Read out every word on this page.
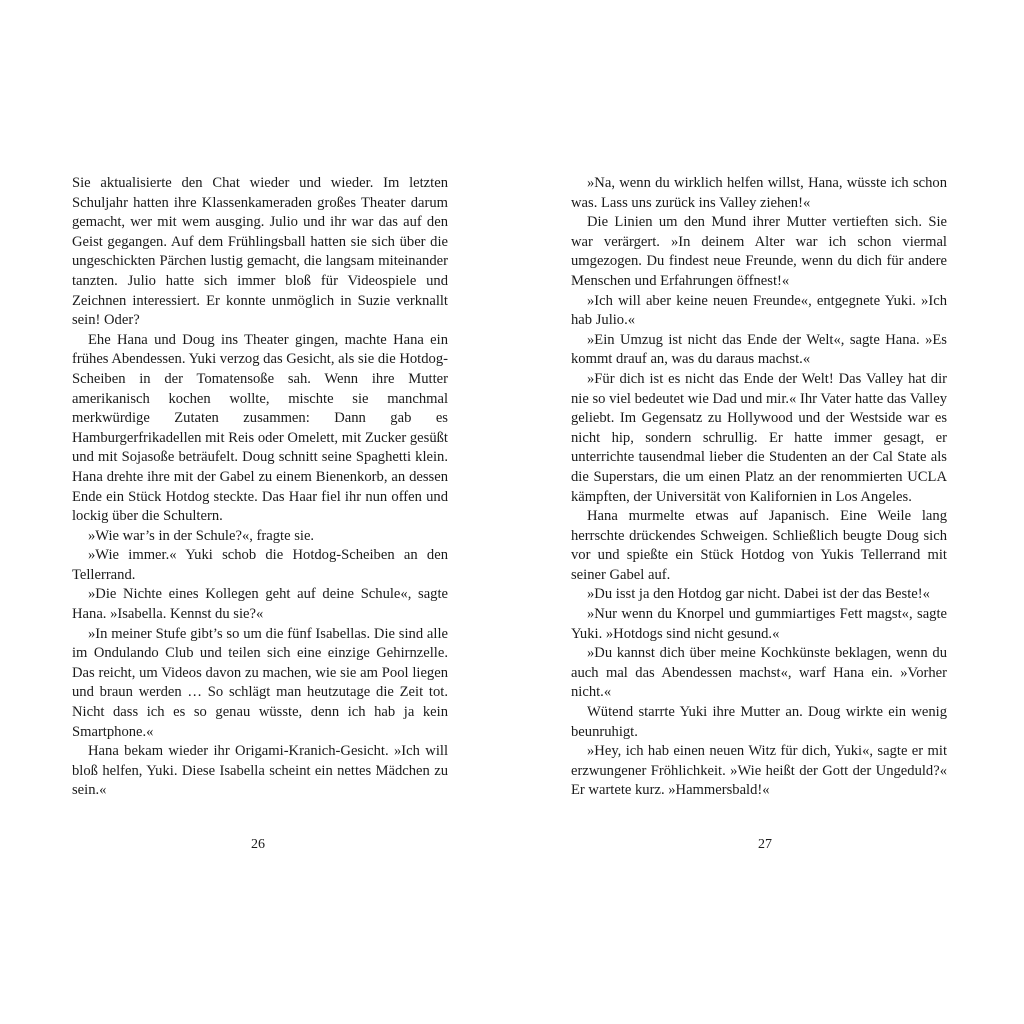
Sie aktualisierte den Chat wieder und wieder. Im letzten Schuljahr hatten ihre Klassenkameraden großes Theater darum gemacht, wer mit wem ausging. Julio und ihr war das auf den Geist gegangen. Auf dem Frühlingsball hatten sie sich über die ungeschickten Pärchen lustig gemacht, die langsam miteinander tanzten. Julio hatte sich immer bloß für Videospiele und Zeichnen interessiert. Er konnte unmöglich in Suzie verknallt sein! Oder?

Ehe Hana und Doug ins Theater gingen, machte Hana ein frühes Abendessen. Yuki verzog das Gesicht, als sie die Hotdog-Scheiben in der Tomatensoße sah. Wenn ihre Mutter amerikanisch kochen wollte, mischte sie manchmal merkwürdige Zutaten zusammen: Dann gab es Hamburgerfrikadellen mit Reis oder Omelett, mit Zucker gesüßt und mit Sojasoße beträufelt. Doug schnitt seine Spaghetti klein. Hana drehte ihre mit der Gabel zu einem Bienenkorb, an dessen Ende ein Stück Hotdog steckte. Das Haar fiel ihr nun offen und lockig über die Schultern.

»Wie war’s in der Schule?«, fragte sie.

»Wie immer.« Yuki schob die Hotdog-Scheiben an den Tellerrand.

»Die Nichte eines Kollegen geht auf deine Schule«, sagte Hana. »Isabella. Kennst du sie?«

»In meiner Stufe gibt’s so um die fünf Isabellas. Die sind alle im Ondulando Club und teilen sich eine einzige Gehirnzelle. Das reicht, um Videos davon zu machen, wie sie am Pool liegen und braun werden … So schlägt man heutzutage die Zeit tot. Nicht dass ich es so genau wüsste, denn ich hab ja kein Smartphone.«

Hana bekam wieder ihr Origami-Kranich-Gesicht. »Ich will bloß helfen, Yuki. Diese Isabella scheint ein nettes Mädchen zu sein.«

»Na, wenn du wirklich helfen willst, Hana, wüsste ich schon was. Lass uns zurück ins Valley ziehen!«

Die Linien um den Mund ihrer Mutter vertieften sich. Sie war verärgert. »In deinem Alter war ich schon viermal umgezogen. Du findest neue Freunde, wenn du dich für andere Menschen und Erfahrungen öffnest!«

»Ich will aber keine neuen Freunde«, entgegnete Yuki. »Ich hab Julio.«

»Ein Umzug ist nicht das Ende der Welt«, sagte Hana. »Es kommt drauf an, was du daraus machst.«

»Für dich ist es nicht das Ende der Welt! Das Valley hat dir nie so viel bedeutet wie Dad und mir.« Ihr Vater hatte das Valley geliebt. Im Gegensatz zu Hollywood und der Westside war es nicht hip, sondern schrullig. Er hatte immer gesagt, er unterrichte tausendmal lieber die Studenten an der Cal State als die Superstars, die um einen Platz an der renommierten UCLA kämpften, der Universität von Kalifornien in Los Angeles.

Hana murmelte etwas auf Japanisch. Eine Weile lang herrschte drückendes Schweigen. Schließlich beugte Doug sich vor und spießte ein Stück Hotdog von Yukis Tellerrand mit seiner Gabel auf.

»Du isst ja den Hotdog gar nicht. Dabei ist der das Beste!«

»Nur wenn du Knorpel und gummiartiges Fett magst«, sagte Yuki. »Hotdogs sind nicht gesund.«

»Du kannst dich über meine Kochkünste beklagen, wenn du auch mal das Abendessen machst«, warf Hana ein. »Vorher nicht.«

Wütend starrte Yuki ihre Mutter an. Doug wirkte ein wenig beunruhigt.

»Hey, ich hab einen neuen Witz für dich, Yuki«, sagte er mit erzwungener Fröhlichkeit. »Wie heißt der Gott der Ungeduld?« Er wartete kurz. »Hammersbald!«

26	27
